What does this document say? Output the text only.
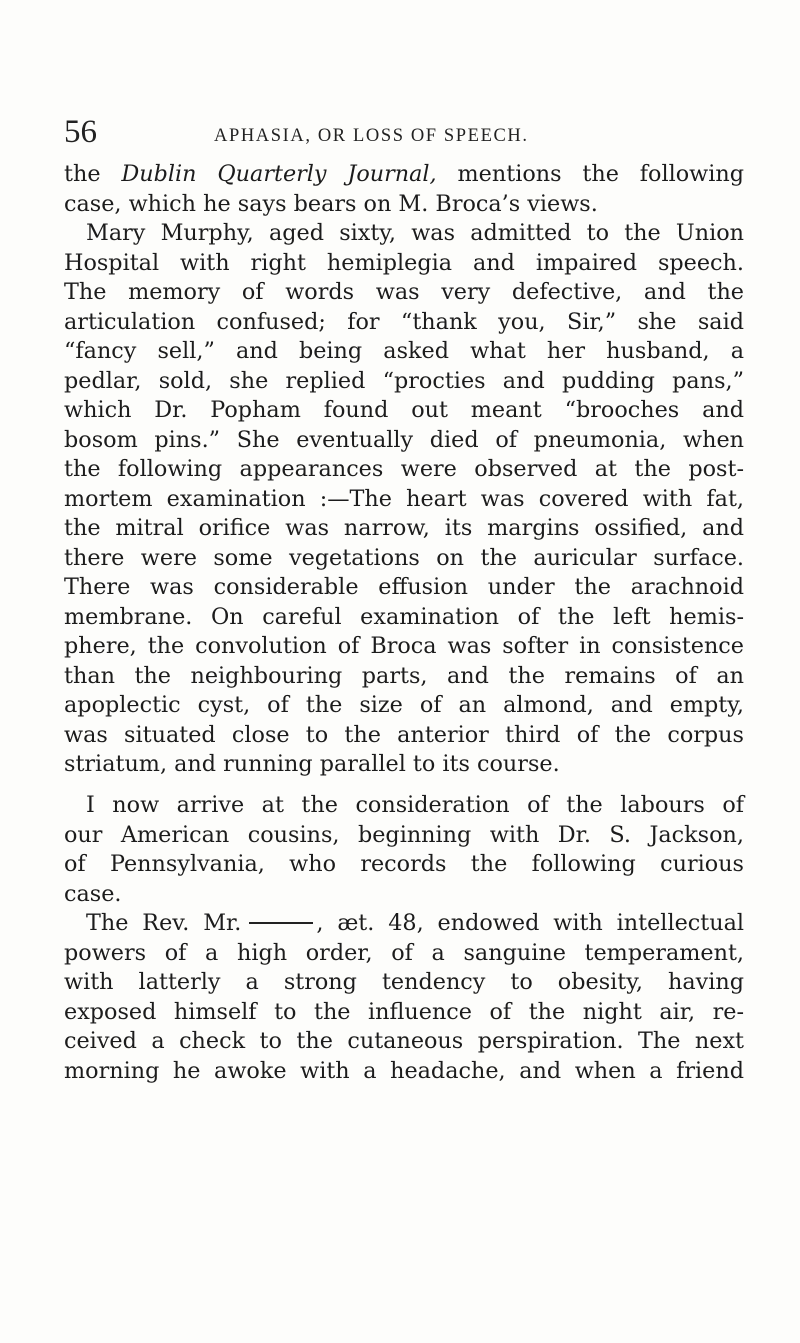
56	APHASIA, OR LOSS OF SPEECH.
the Dublin Quarterly Journal, mentions the following
case, which he says bears on M. Broca’s views.
Mary Murphy, aged sixty, was admitted to the Union
Hospital with right hemiplegia and impaired speech.
The memory of words was very defective, and the
articulation confused; for “thank you, Sir,” she said
“fancy sell,” and being asked what her husband, a
pedlar, sold, she replied “procties and pudding pans,”
which Dr. Popham found out meant “brooches and
bosom pins.” She eventually died of pneumonia, when
the following appearances were observed at the post-
mortem examination :—The heart was covered with fat,
the mitral orifice was narrow, its margins ossified, and
there were some vegetations on the auricular surface.
There was considerable effusion under the arachnoid
membrane. On careful examination of the left hemis-
phere, the convolution of Broca was softer in consistence
than the neighbouring parts, and the remains of an
apoplectic cyst, of the size of an almond, and empty,
was situated close to the anterior third of the corpus
striatum, and running parallel to its course.
I now arrive at the consideration of the labours of
our American cousins, beginning with Dr. S. Jackson,
of Pennsylvania, who records the following curious
case.
The Rev. Mr.	, æt. 48, endowed with intellectual
powers of a high order, of a sanguine temperament,
with latterly a strong tendency to obesity, having
exposed himself to the influence of the night air, re-
ceived a check to the cutaneous perspiration. The next
morning he awoke with a headache, and when a friend
